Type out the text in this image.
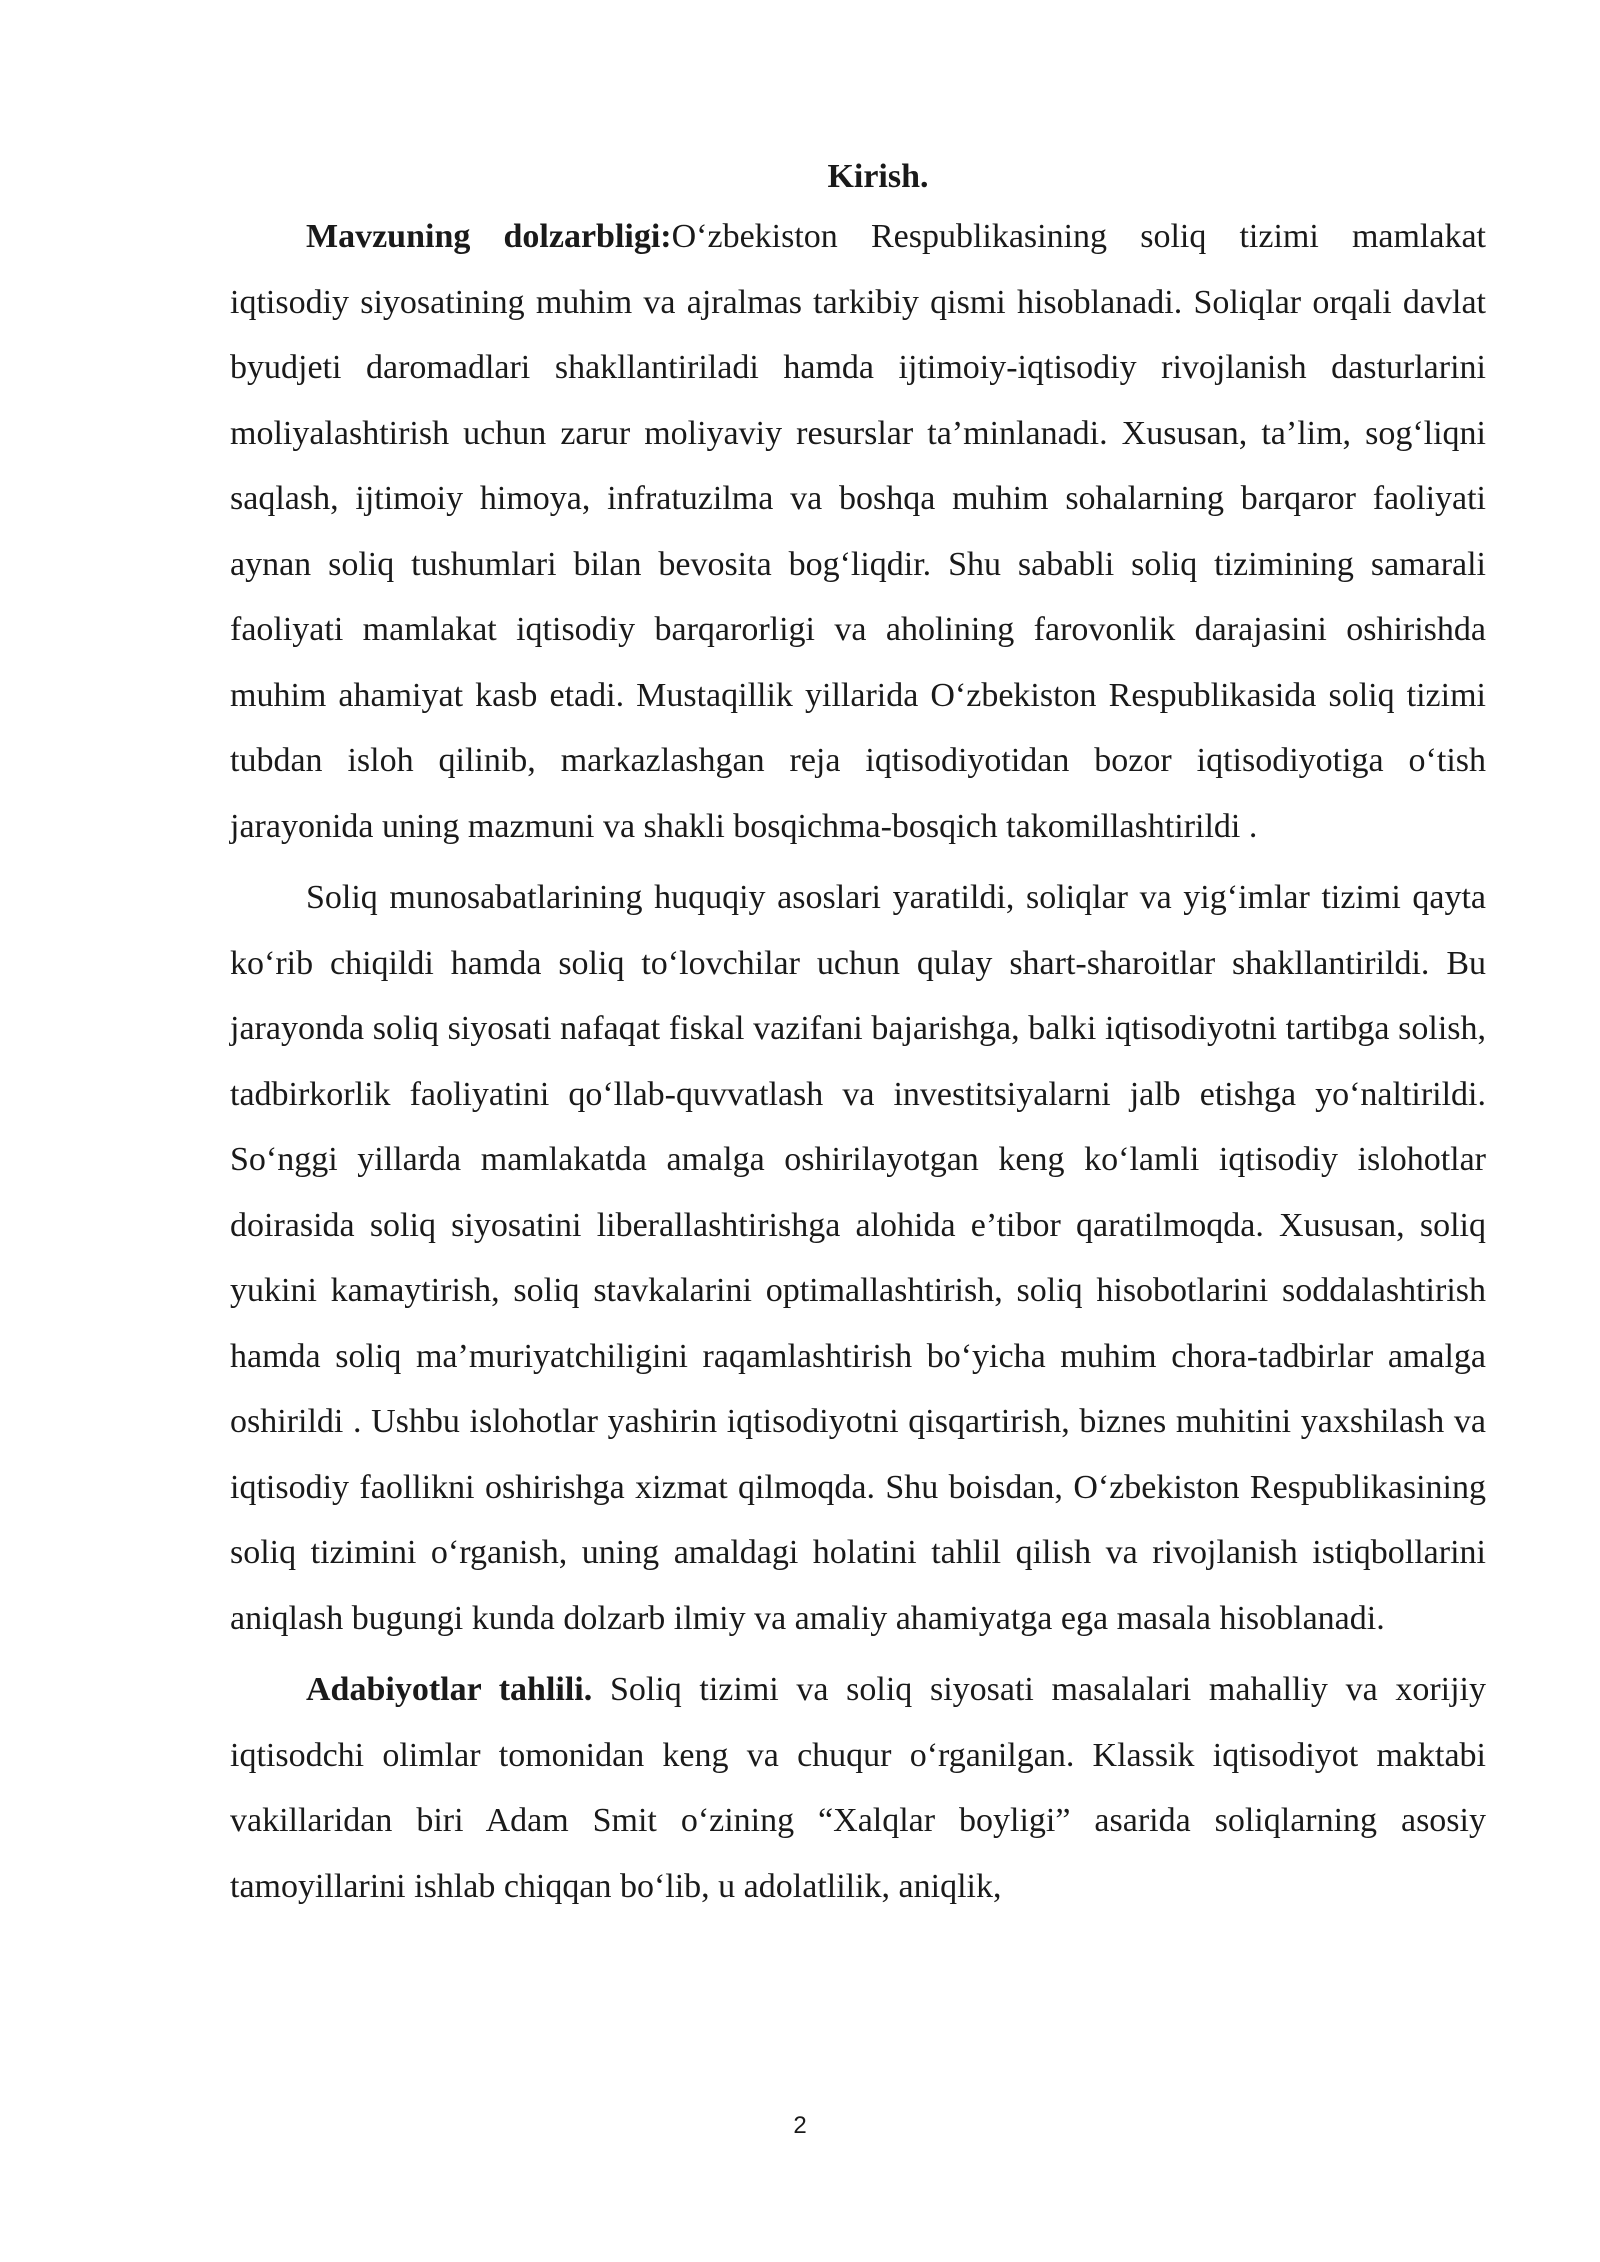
Kirish.

Mavzuning dolzarbligi:O‘zbekiston Respublikasining soliq tizimi mamlakat iqtisodiy siyosatining muhim va ajralmas tarkibiy qismi hisoblanadi. Soliqlar orqali davlat byudjeti daromadlari shakllantiriladi hamda ijtimoiy-iqtisodiy rivojlanish dasturlarini moliyalashtirish uchun zarur moliyaviy resurslar ta’minlanadi. Xususan, ta’lim, sog‘liqni saqlash, ijtimoiy himoya, infratuzilma va boshqa muhim sohalarning barqaror faoliyati aynan soliq tushumlari bilan bevosita bog‘liqdir. Shu sababli soliq tizimining samarali faoliyati mamlakat iqtisodiy barqarorligi va aholining farovonlik darajasini oshirishda muhim ahamiyat kasb etadi. Mustaqillik yillarida O‘zbekiston Respublikasida soliq tizimi tubdan isloh qilinib, markazlashgan reja iqtisodiyotidan bozor iqtisodiyotiga o‘tish jarayonida uning mazmuni va shakli bosqichma-bosqich takomillashtirildi .

Soliq munosabatlarining huquqiy asoslari yaratildi, soliqlar va yig‘imlar tizimi qayta ko‘rib chiqildi hamda soliq to‘lovchilar uchun qulay shart-sharoitlar shakllantirildi. Bu jarayonda soliq siyosati nafaqat fiskal vazifani bajarishga, balki iqtisodiyotni tartibga solish, tadbirkorlik faoliyatini qo‘llab-quvvatlash va investitsiyalarni jalb etishga yo‘naltirildi. So‘nggi yillarda mamlakatda amalga oshirilayotgan keng ko‘lamli iqtisodiy islohotlar doirasida soliq siyosatini liberallashtirishga alohida e’tibor qaratilmoqda. Xususan, soliq yukini kamaytirish, soliq stavkalarini optimallashtirish, soliq hisobotlarini soddalashtirish hamda soliq ma’muriyatchiligini raqamlashtirish bo‘yicha muhim chora-tadbirlar amalga oshirildi . Ushbu islohotlar yashirin iqtisodiyotni qisqartirish, biznes muhitini yaxshilash va iqtisodiy faollikni oshirishga xizmat qilmoqda. Shu boisdan, O‘zbekiston Respublikasining soliq tizimini o‘rganish, uning amaldagi holatini tahlil qilish va rivojlanish istiqbollarini aniqlash bugungi kunda dolzarb ilmiy va amaliy ahamiyatga ega masala hisoblanadi.

Adabiyotlar tahlili. Soliq tizimi va soliq siyosati masalalari mahalliy va xorijiy iqtisodchi olimlar tomonidan keng va chuqur o‘rganilgan. Klassik iqtisodiyot maktabi vakillaridan biri Adam Smit o‘zining “Xalqlar boyligi” asarida soliqlarning asosiy tamoyillarini ishlab chiqqan bo‘lib, u adolatlilik, aniqlik,

2
